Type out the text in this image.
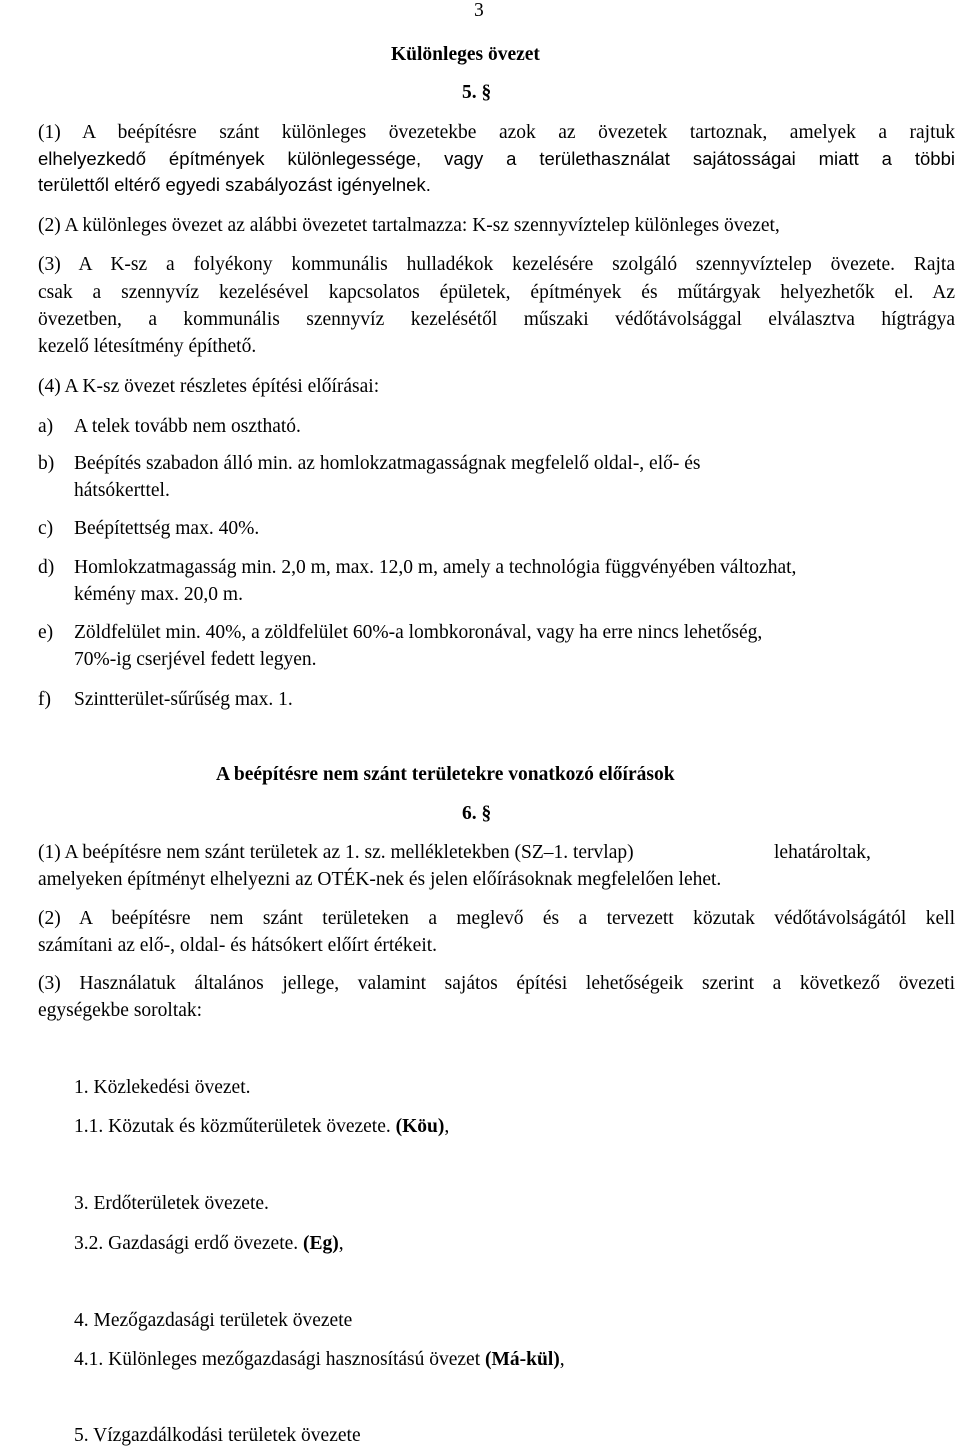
3
Különleges övezet
5. §
(1) A beépítésre szánt különleges övezetekbe azok az övezetek tartoznak, amelyek a rajtuk
elhelyezkedő építmények különlegessége, vagy a területhasználat sajátosságai miatt a többi
területtől eltérő egyedi szabályozást igényelnek.
(2) A különleges övezet az alábbi övezetet tartalmazza: K-sz szennyvíztelep különleges övezet,
(3) A K-sz a folyékony kommunális hulladékok kezelésére szolgáló szennyvíztelep övezete. Rajta
csak a szennyvíz kezelésével kapcsolatos épületek, építmények és műtárgyak helyezhetők el. Az
övezetben, a kommunális szennyvíz kezelésétől műszaki védőtávolsággal elválasztva hígtrágya
kezelő létesítmény építhető.
(4) A K-sz övezet részletes építési előírásai:
a) A telek tovább nem osztható.
b) Beépítés szabadon álló min. az homlokzatmagasságnak megfelelő oldal-, elő- és
hátsókerttel.
c) Beépítettség max. 40%.
d) Homlokzatmagasság min. 2,0 m, max. 12,0 m, amely a technológia függvényében változhat,
kémény max. 20,0 m.
e) Zöldfelület min. 40%, a zöldfelület 60%-a lombkoronával, vagy ha erre nincs lehetőség,
70%-ig cserjével fedett legyen.
f) Szintterület-sűrűség max. 1.
A beépítésre nem szánt területekre vonatkozó előírások
6. §
(1) A beépítésre nem szánt területek az 1. sz. mellékletekben (SZ–1. tervlap)	lehatároltak,
amelyeken építményt elhelyezni az OTÉK-nek és jelen előírásoknak megfelelően lehet.
(2) A beépítésre nem szánt területeken a meglevő és a tervezett közutak védőtávolságától kell
számítani az elő-, oldal- és hátsókert előírt értékeit.
(3) Használatuk általános jellege, valamint sajátos építési lehetőségeik szerint a következő övezeti
egységekbe soroltak:
1. Közlekedési övezet.
1.1. Közutak és közműterületek övezete. (Köu),
3. Erdőterületek övezete.
3.2. Gazdasági erdő övezete. (Eg),
4. Mezőgazdasági területek övezete
4.1. Különleges mezőgazdasági hasznosítású övezet (Má-kül),
5. Vízgazdálkodási területek övezete
